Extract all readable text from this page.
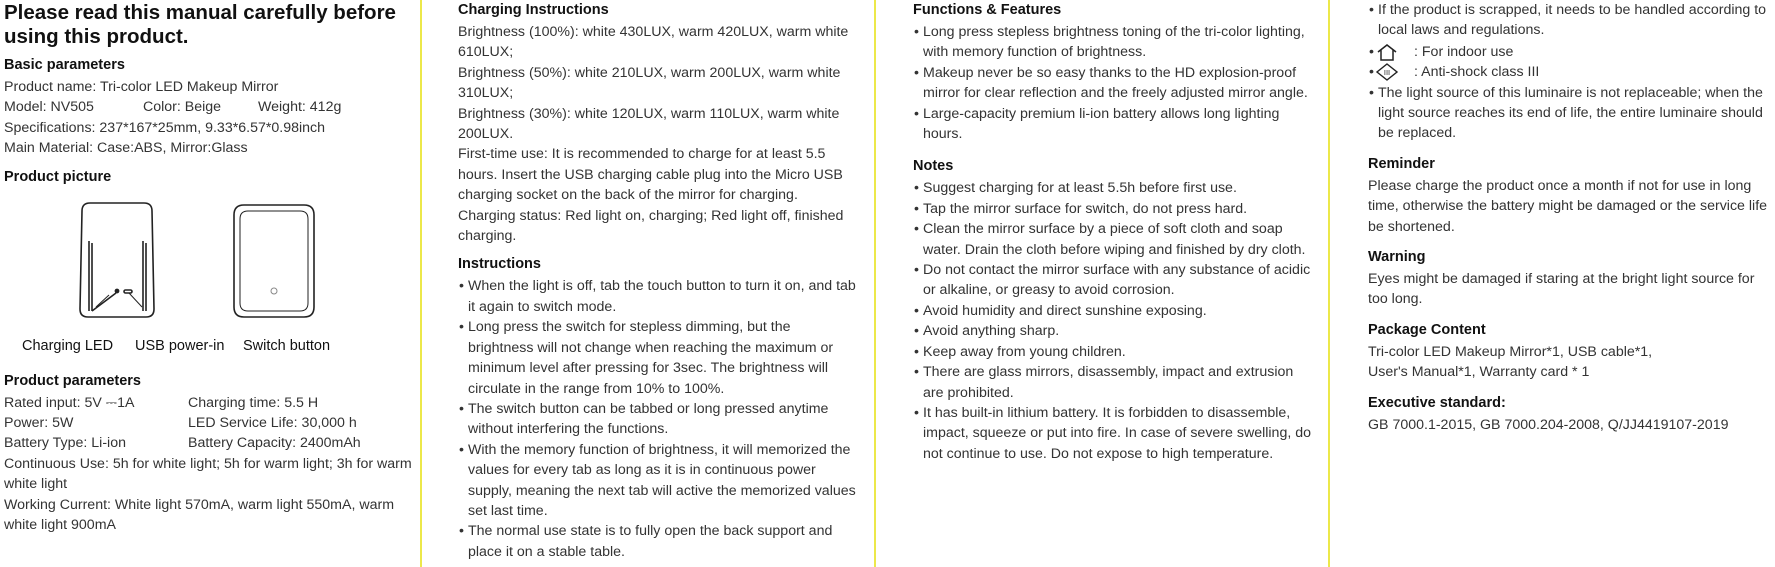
Please read this manual carefully before using this product.
Basic parameters

Product name: Tri-color LED Makeup Mirror

Model: NV505	Color: Beige	Weight: 412g

Specifications: 237*167*25mm, 9.33*6.57*0.98inch

Main Material: Case:ABS, Mirror:Glass

Product picture
Charging LED USB power-in Switch button
Product parameters
Rated input: 5V ⎓1A	Charging time: 5.5 H
Power: 5W	LED Service Life: 30,000 h
Battery Type: Li-ion	Battery Capacity: 2400mAh

Continuous Use: 5h for white light; 5h for warm light; 3h for warm white light

Working Current: White light 570mA, warm light 550mA, warm white light 900mA

Charging Instructions

Brightness (100%): white 430LUX, warm 420LUX, warm white 610LUX;

Brightness (50%): white 210LUX, warm 200LUX, warm white 310LUX;

Brightness (30%): white 120LUX, warm 110LUX, warm white 200LUX.

First-time use: It is recommended to charge for at least 5.5 hours. Insert the USB charging cable plug into the Micro USB charging socket on the back of the mirror for charging.

Charging status: Red light on, charging; Red light off, finished charging.

Instructions
• When the light is off, tab the touch button to turn it on, and tab it again to switch mode.
• Long press the switch for stepless dimming, but the brightness will not change when reaching the maximum or minimum level after pressing for 3sec. The brightness will circulate in the range from 10% to 100%.
• The switch button can be tabbed or long pressed anytime without interfering the functions.
• With the memory function of brightness, it will memorized the values for every tab as long as it is in continuous power supply, meaning the next tab will active the memorized values set last time.
• The normal use state is to fully open the back support and place it on a stable table.
Functions & Features
• Long press stepless brightness toning of the tri-color lighting, with memory function of brightness.
• Makeup never be so easy thanks to the HD explosion-proof mirror for clear reflection and the freely adjusted mirror angle.
• Large-capacity premium li-ion battery allows long lighting hours.
Notes
• Suggest charging for at least 5.5h before first use.
• Tap the mirror surface for switch, do not press hard.
• Clean the mirror surface by a piece of soft cloth and soap water. Drain the cloth before wiping and finished by dry cloth.
• Do not contact the mirror surface with any substance of acidic or alkaline, or greasy to avoid corrosion.
• Avoid humidity and direct sunshine exposing.
• Avoid anything sharp.
• Keep away from young children.
• There are glass mirrors, disassembly, impact and extrusion are prohibited.
• It has built-in lithium battery. It is forbidden to disassemble, impact, squeeze or put into fire. In case of severe swelling, do not continue to use. Do not expose to high temperature.
• If the product is scrapped, it needs to be handled according to local laws and regulations.
• : For indoor use
• III : Anti-shock class III
• The light source of this luminaire is not replaceable; when the light source reaches its end of life, the entire luminaire should be replaced.
Reminder

Please charge the product once a month if not for use in long time, otherwise the battery might be damaged or the service life be shortened.

Warning

Eyes might be damaged if staring at the bright light source for too long.

Package Content

Tri-color LED Makeup Mirror*1, USB cable*1,

User's Manual*1, Warranty card * 1

Executive standard:

GB 7000.1-2015, GB 7000.204-2008, Q/JJ4419107-2019
